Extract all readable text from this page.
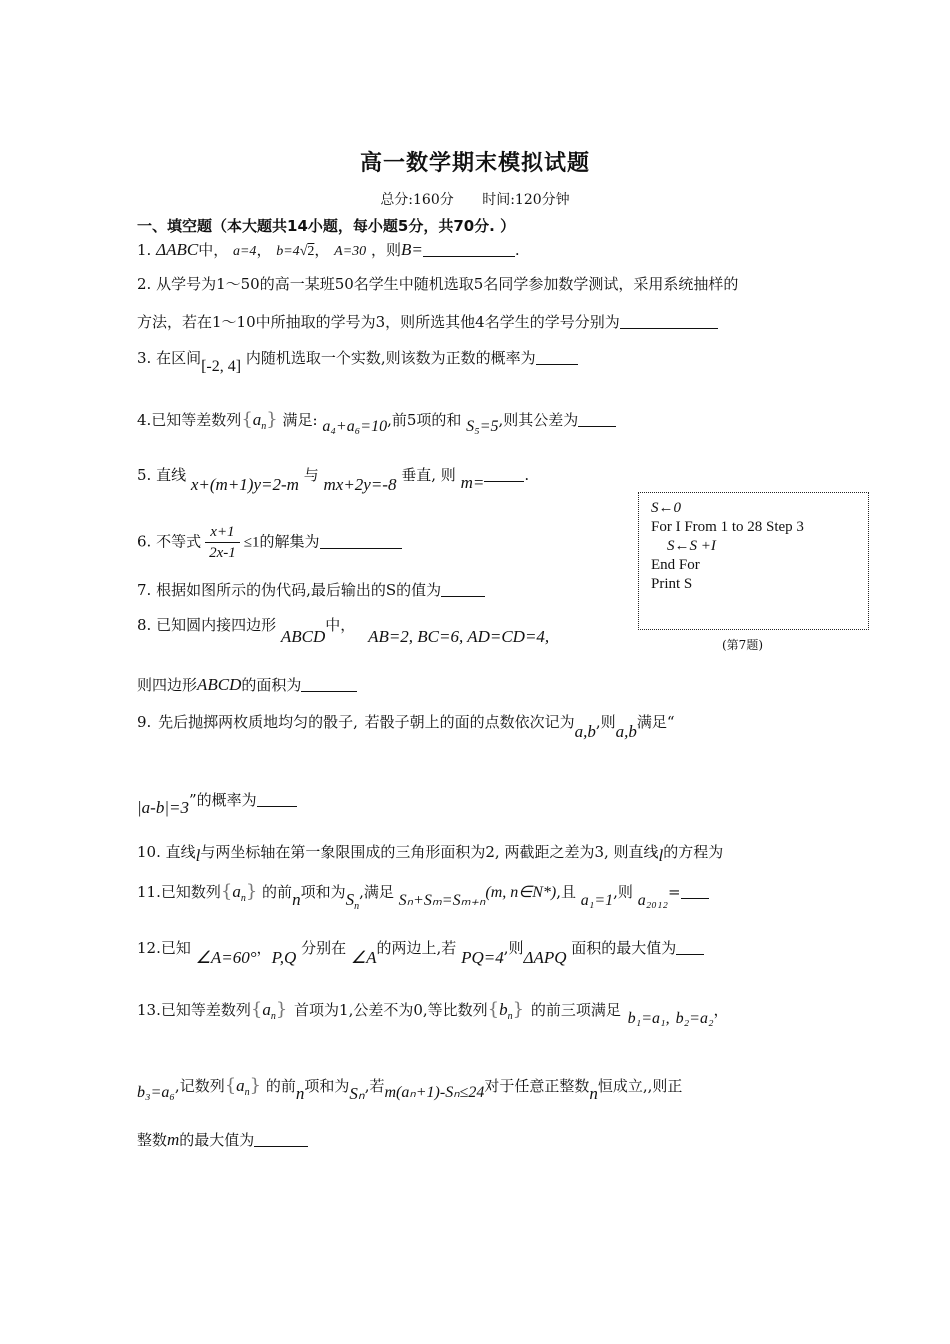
高一数学期末模拟试题
总分:160分 时间:120分钟
一、填空题（本大题共14小题，每小题5分，共70分. ）
1. ΔABC中， a=4， b=4√2， A=30 ，则B=	.
2. 从学号为1～50的高一某班50名学生中随机选取5名同学参加数学测试，采用系统抽样的
方法，若在1～10中所抽取的学号为3，则所选其他4名学生的学号分别为
3. 在区间[-2, 4] 内随机选取一个实数,则该数为正数的概率为
4.已知等差数列$\{a_n\}$ 满足: a₄+a₆=10,前5项的和 S₅=5,则其公差为
5. 直线 x+(m+1)y=2-m 与 mx+2y=-8 垂直, 则 m=	.
6. 不等式 $\frac{x+1}{2x-1} \le 1$的解集为
7. 根据如图所示的伪代码,最后输出的S的值为
8. 已知圆内接四边形 ABCD中， AB=2, BC=6, AD=CD=4,
则四边形ABCD的面积为
9. 先后抛掷两枚质地均匀的骰子, 若骰子朝上的面的点数依次记为a,b,则a,b满足“
|a-b|=3”的概率为
10. 直线l与两坐标轴在第一象限围成的三角形面积为2, 两截距之差为3, 则直线l的方程为
11.已知数列$\{a_n\}$ 的前n项和为$S_n$,满足 Sₙ+Sₘ=Sₘ₊ₙ(m, n∈N*),且 a₁=1,则 a₂₀₁₂=
12.已知 ∠A=60°，P,Q 分别在 ∠A的两边上,若 PQ=4,则ΔAPQ 面积的最大值为
13.已知等差数列$\{a_n\}$ 首项为1,公差不为0,等比数列$\{b_n\}$ 的前三项满足 b₁=a₁, b₂=a₂，
b₃=a₆,记数列$\{a_n\}$ 的前n项和为Sₙ,若m(aₙ+1)-Sₙ≤24对于任意正整数n恒成立,,则正
整数m的最大值为
S←0
For I From 1 to 28 Step 3
S←S +I
End For
Print S
(第7题)
